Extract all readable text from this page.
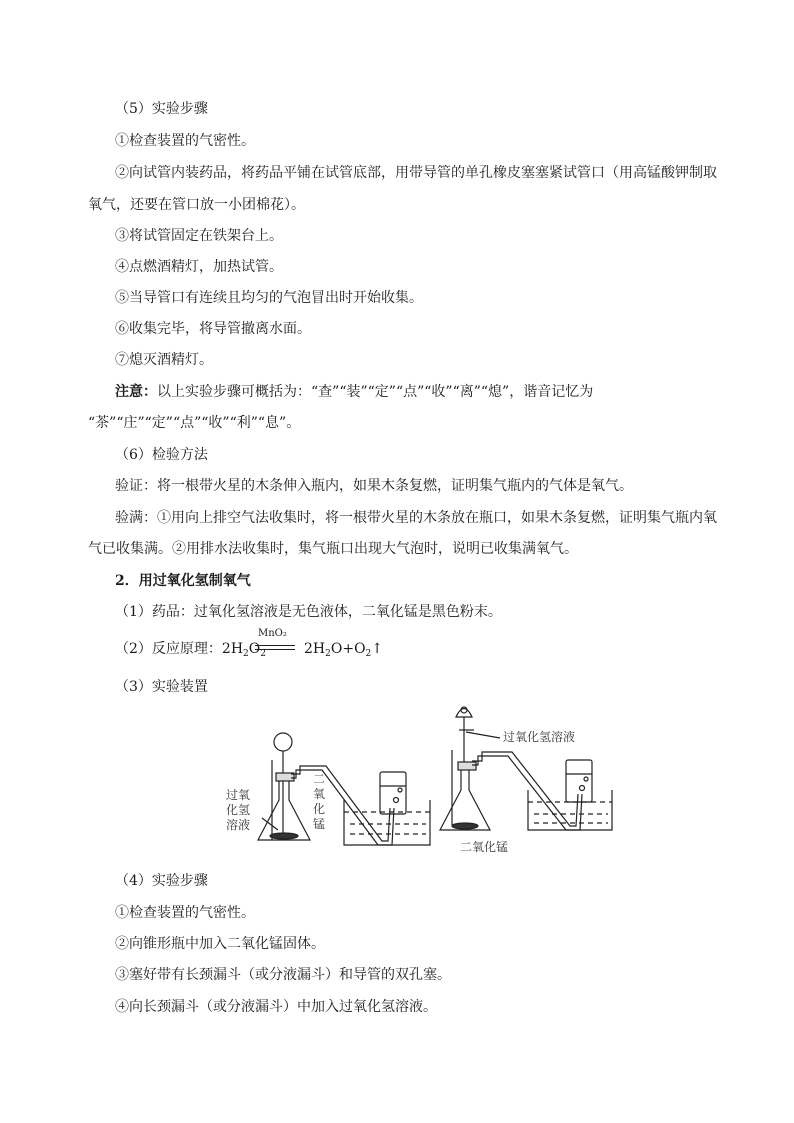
（5）实验步骤
①检查装置的气密性。
②向试管内装药品，将药品平铺在试管底部，用带导管的单孔橡皮塞塞紧试管口（用高锰酸钾制取
氧气，还要在管口放一小团棉花）。
③将试管固定在铁架台上。
④点燃酒精灯，加热试管。
⑤当导管口有连续且均匀的气泡冒出时开始收集。
⑥收集完毕，将导管撤离水面。
⑦熄灭酒精灯。
注意：以上实验步骤可概括为：“查”“装”“定”“点”“收”“离”“熄”，谐音记忆为
“茶”“庄”“定”“点”“收”“利”“息”。
（6）检验方法
验证：将一根带火星的木条伸入瓶内，如果木条复燃，证明集气瓶内的气体是氧气。
验满：①用向上排空气法收集时，将一根带火星的木条放在瓶口，如果木条复燃，证明集气瓶内氧
气已收集满。②用排水法收集时，集气瓶口出现大气泡时，说明已收集满氧气。
2．用过氧化氢制氧气
（1）药品：过氧化氢溶液是无色液体，二氧化锰是黑色粉末。
（2）反应原理：$2H_2O_2$	$2H_2O+O_2↑$
MnO₂
（3）实验装置
过氧
化氢
溶液
二
氧
化
锰
过氧化氢溶液
二氧化锰
（4）实验步骤
①检查装置的气密性。
②向锥形瓶中加入二氧化锰固体。
③塞好带有长颈漏斗（或分液漏斗）和导管的双孔塞。
④向长颈漏斗（或分液漏斗）中加入过氧化氢溶液。
